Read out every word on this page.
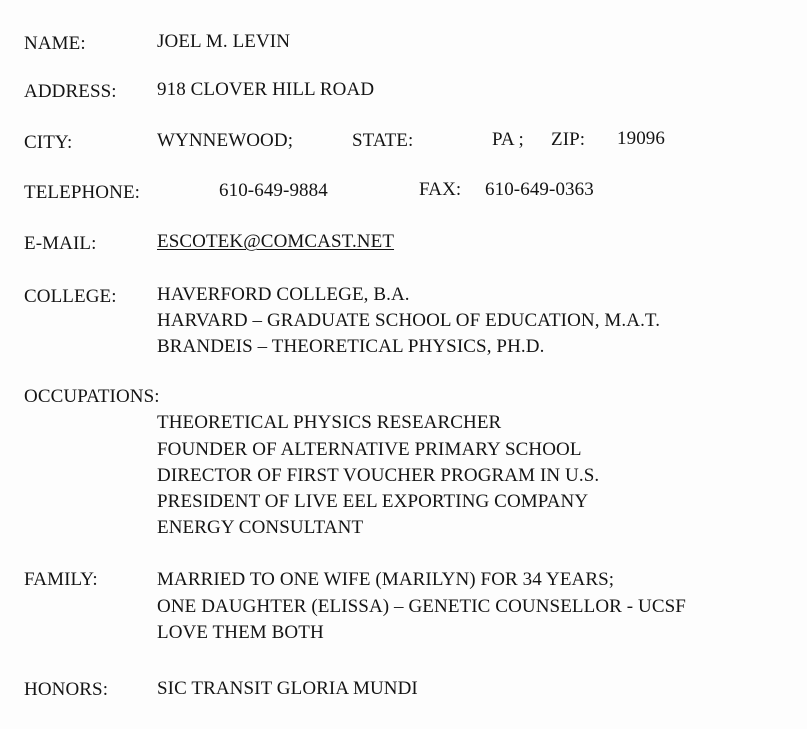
NAME:	JOEL M. LEVIN
ADDRESS: 918 CLOVER HILL ROAD
CITY:	WYNNEWOOD;	STATE:	PA ; ZIP: 19096
TELEPHONE:	610-649-9884	FAX: 610-649-0363
E-MAIL:	ESCOTEK@COMCAST.NET
COLLEGE: HAVERFORD COLLEGE, B.A.
HARVARD – GRADUATE SCHOOL OF EDUCATION, M.A.T.
BRANDEIS – THEORETICAL PHYSICS, PH.D.
OCCUPATIONS:
THEORETICAL PHYSICS RESEARCHER
FOUNDER OF ALTERNATIVE PRIMARY SCHOOL
DIRECTOR OF FIRST VOUCHER PROGRAM IN U.S.
PRESIDENT OF LIVE EEL EXPORTING COMPANY
ENERGY CONSULTANT
FAMILY:	MARRIED TO ONE WIFE (MARILYN) FOR 34 YEARS;
ONE DAUGHTER (ELISSA) – GENETIC COUNSELLOR - UCSF
LOVE THEM BOTH
HONORS:	SIC TRANSIT GLORIA MUNDI
